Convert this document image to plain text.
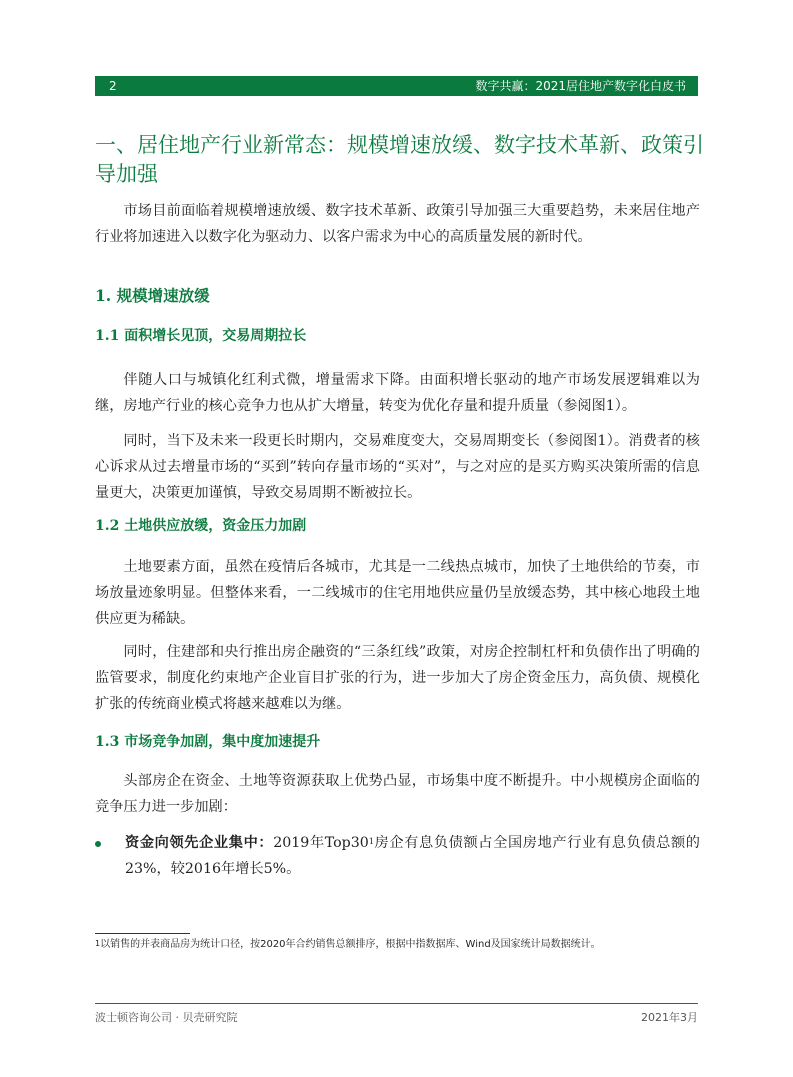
2	数字共赢：2021居住地产数字化白皮书
一、居住地产行业新常态：规模增速放缓、数字技术革新、政策引导加强

市场目前面临着规模增速放缓、数字技术革新、政策引导加强三大重要趋势，未来居住地产行业将加速进入以数字化为驱动力、以客户需求为中心的高质量发展的新时代。

1. 规模增速放缓
1.1 面积增长见顶，交易周期拉长

伴随人口与城镇化红利式微，增量需求下降。由面积增长驱动的地产市场发展逻辑难以为继，房地产行业的核心竞争力也从扩大增量，转变为优化存量和提升质量（参阅图1）。

同时，当下及未来一段更长时期内，交易难度变大，交易周期变长（参阅图1）。消费者的核心诉求从过去增量市场的“买到”转向存量市场的“买对”，与之对应的是买方购买决策所需的信息量更大，决策更加谨慎，导致交易周期不断被拉长。

1.2 土地供应放缓，资金压力加剧

土地要素方面，虽然在疫情后各城市，尤其是一二线热点城市，加快了土地供给的节奏，市场放量迹象明显。但整体来看，一二线城市的住宅用地供应量仍呈放缓态势，其中核心地段土地供应更为稀缺。

同时，住建部和央行推出房企融资的“三条红线”政策，对房企控制杠杆和负债作出了明确的监管要求，制度化约束地产企业盲目扩张的行为，进一步加大了房企资金压力，高负债、规模化扩张的传统商业模式将越来越难以为继。

1.3 市场竞争加剧，集中度加速提升

头部房企在资金、土地等资源获取上优势凸显，市场集中度不断提升。中小规模房企面临的竞争压力进一步加剧：

资金向领先企业集中：2019年$Top30^1$房企有息负债额占全国房地产行业有息负债总额的23%，较2016年增长5%。
$^1$以销售的并表商品房为统计口径，按2020年合约销售总额排序，根据中指数据库、Wind及国家统计局数据统计。
波士顿咨询公司 · 贝壳研究院	2021年3月
